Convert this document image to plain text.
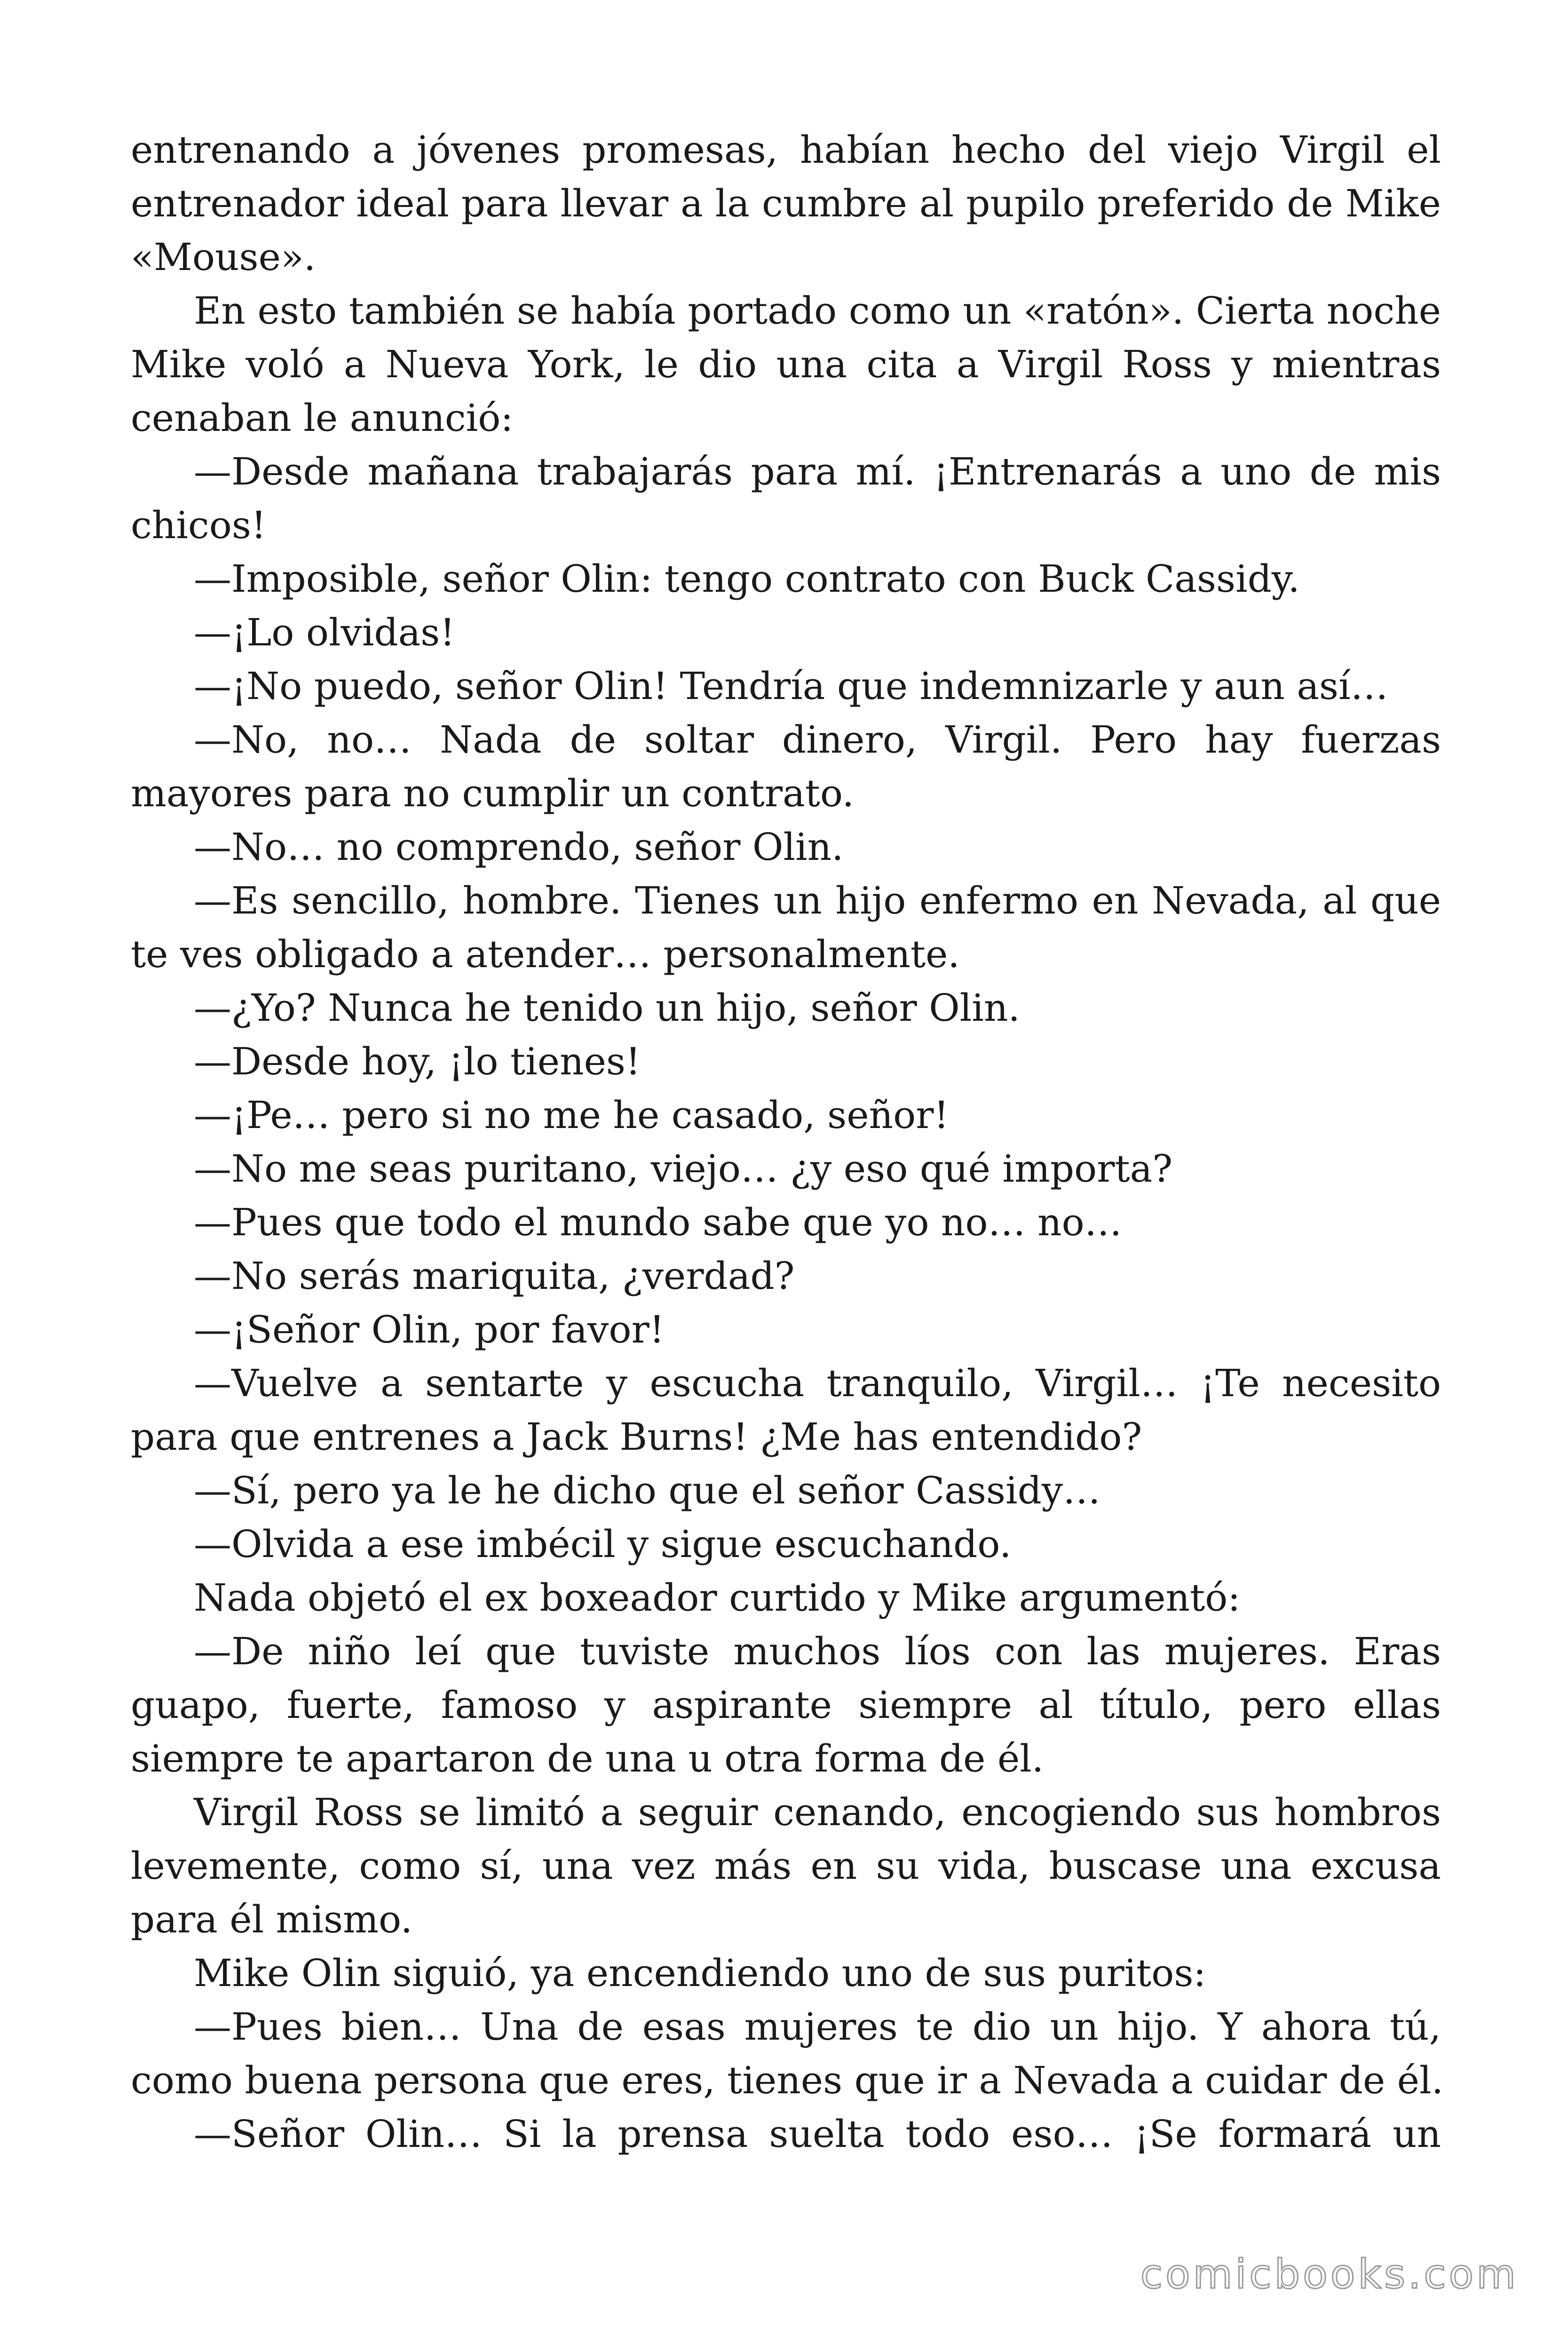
entrenando a jóvenes promesas, habían hecho del viejo Virgil el
entrenador ideal para llevar a la cumbre al pupilo preferido de Mike
«Mouse».
En esto también se había portado como un «ratón». Cierta noche
Mike voló a Nueva York, le dio una cita a Virgil Ross y mientras
cenaban le anunció:
—Desde mañana trabajarás para mí. ¡Entrenarás a uno de mis
chicos!
—Imposible, señor Olin: tengo contrato con Buck Cassidy.
—¡Lo olvidas!
—¡No puedo, señor Olin! Tendría que indemnizarle y aun así…
—No, no… Nada de soltar dinero, Virgil. Pero hay fuerzas
mayores para no cumplir un contrato.
—No… no comprendo, señor Olin.
—Es sencillo, hombre. Tienes un hijo enfermo en Nevada, al que
te ves obligado a atender… personalmente.
—¿Yo? Nunca he tenido un hijo, señor Olin.
—Desde hoy, ¡lo tienes!
—¡Pe… pero si no me he casado, señor!
—No me seas puritano, viejo… ¿y eso qué importa?
—Pues que todo el mundo sabe que yo no… no…
—No serás mariquita, ¿verdad?
—¡Señor Olin, por favor!
—Vuelve a sentarte y escucha tranquilo, Virgil… ¡Te necesito
para que entrenes a Jack Burns! ¿Me has entendido?
—Sí, pero ya le he dicho que el señor Cassidy…
—Olvida a ese imbécil y sigue escuchando.
Nada objetó el ex boxeador curtido y Mike argumentó:
—De niño leí que tuviste muchos líos con las mujeres. Eras
guapo, fuerte, famoso y aspirante siempre al título, pero ellas
siempre te apartaron de una u otra forma de él.
Virgil Ross se limitó a seguir cenando, encogiendo sus hombros
levemente, como sí, una vez más en su vida, buscase una excusa
para él mismo.
Mike Olin siguió, ya encendiendo uno de sus puritos:
—Pues bien… Una de esas mujeres te dio un hijo. Y ahora tú,
como buena persona que eres, tienes que ir a Nevada a cuidar de él.
—Señor Olin… Si la prensa suelta todo eso… ¡Se formará un
comicbooks.com
